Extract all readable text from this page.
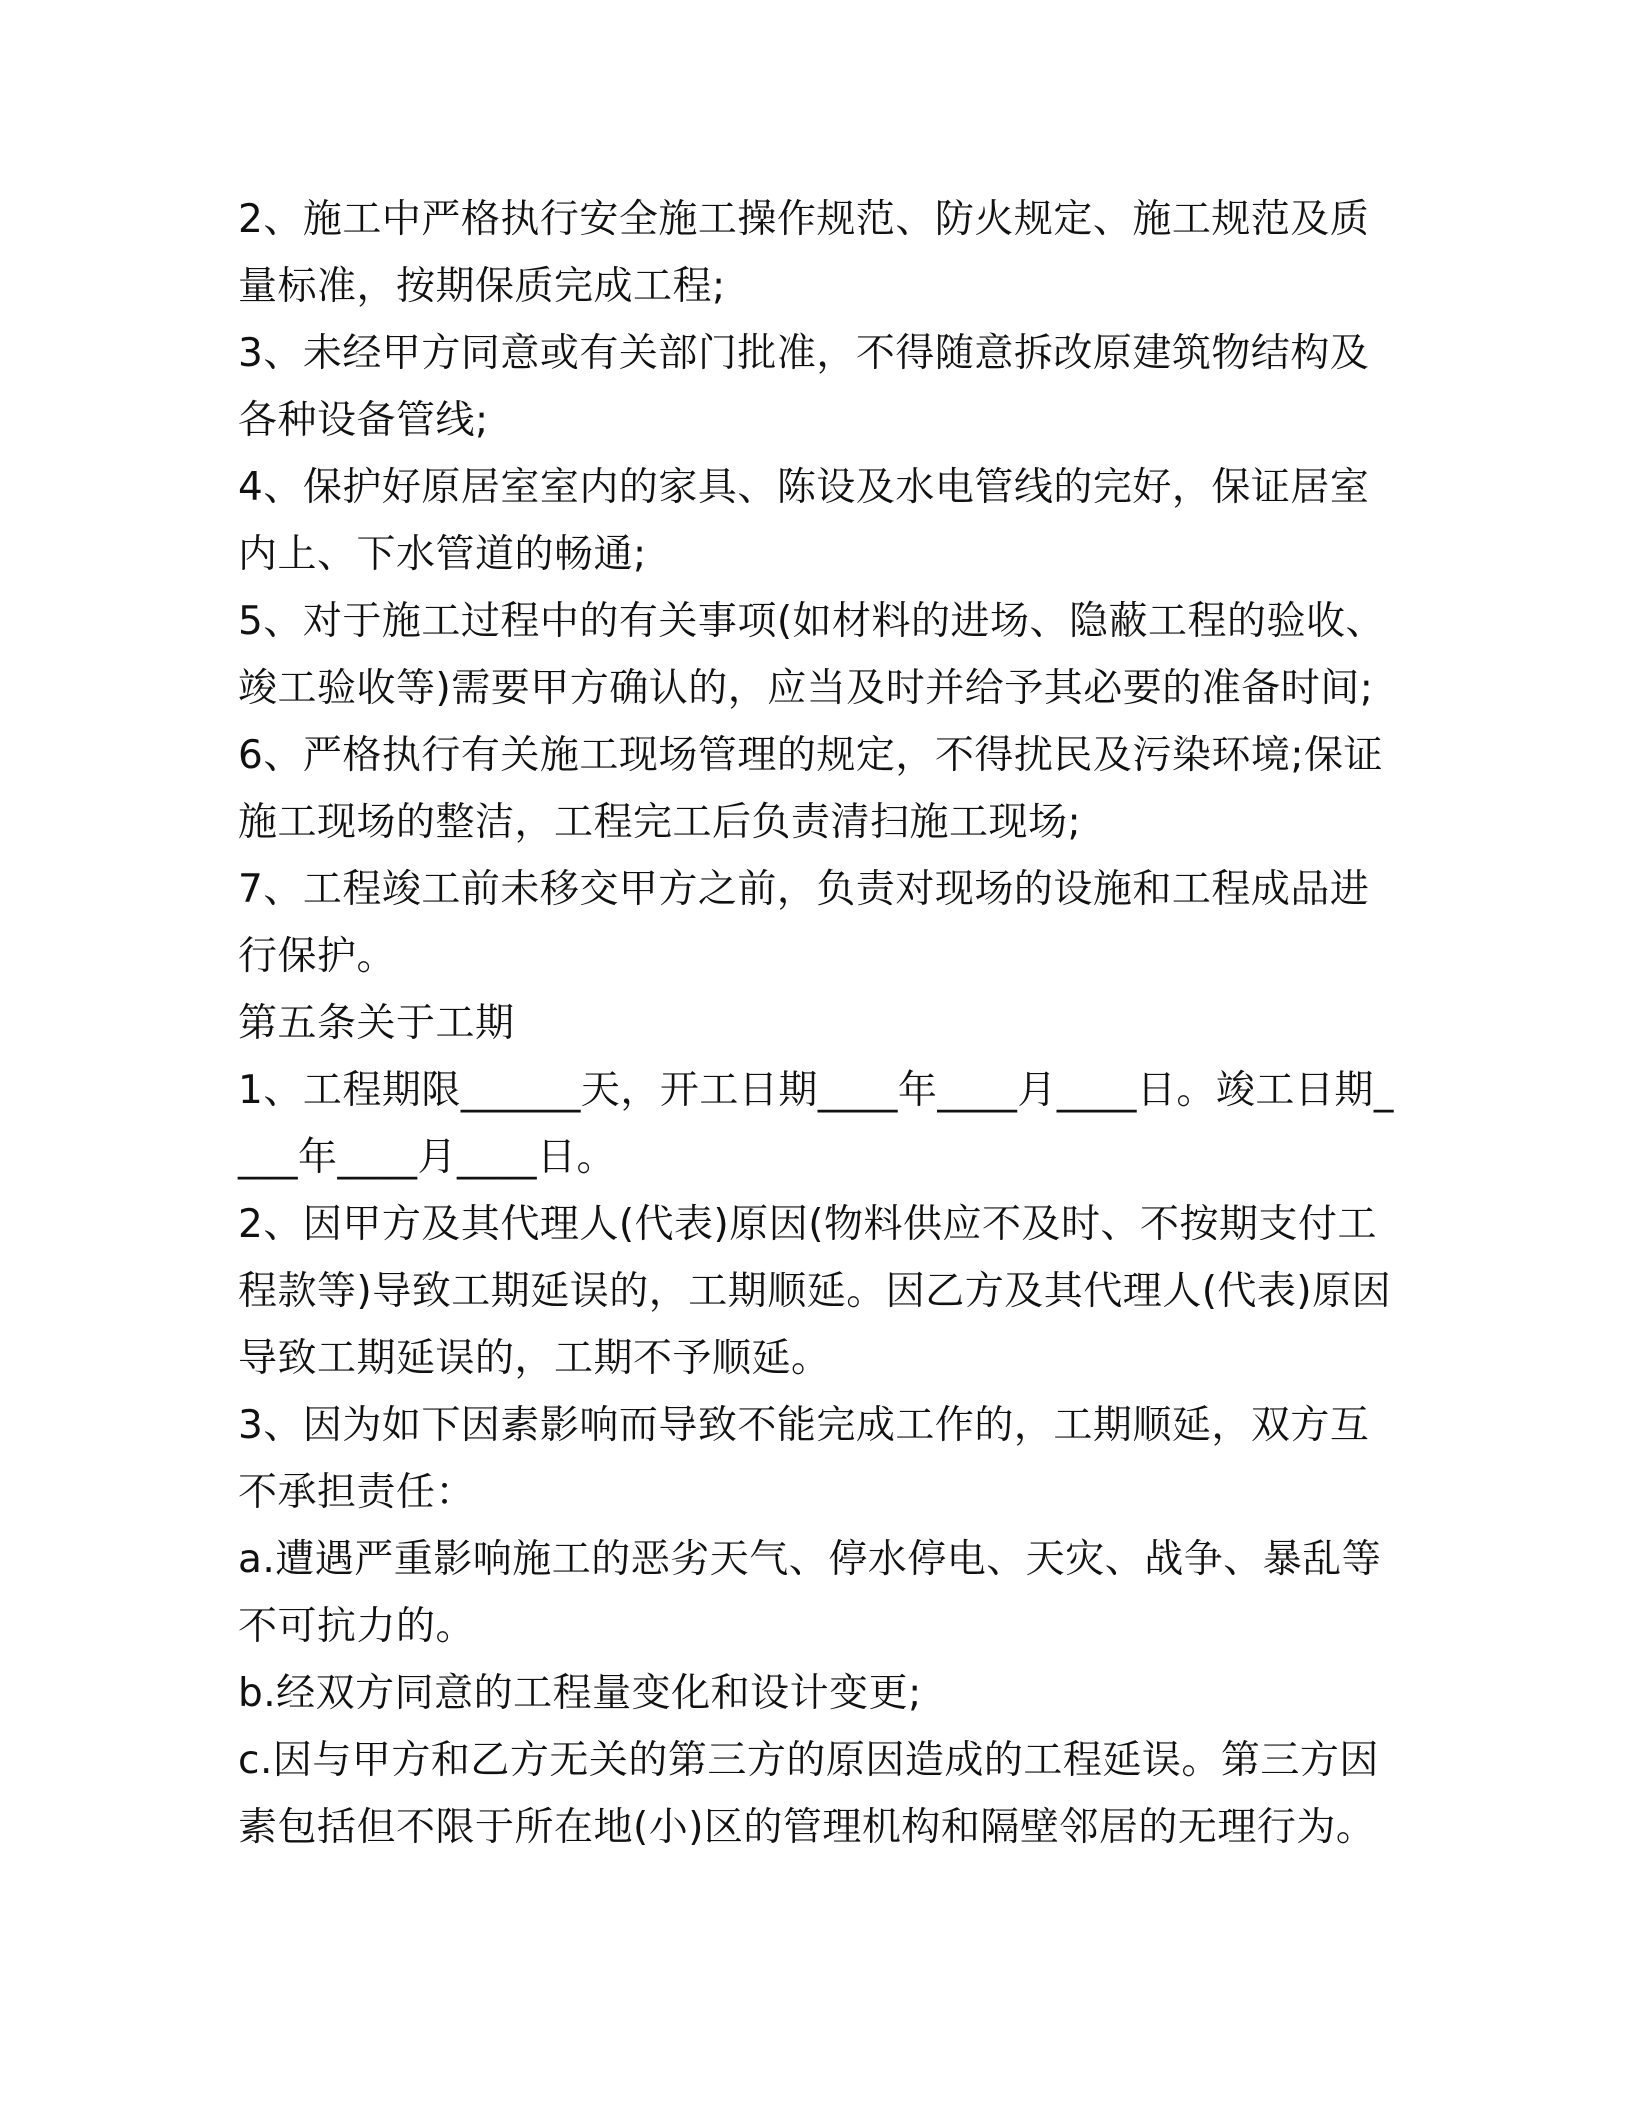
2、施工中严格执行安全施工操作规范、防火规定、施工规范及质量标准，按期保质完成工程;

3、未经甲方同意或有关部门批准，不得随意拆改原建筑物结构及各种设备管线;

4、保护好原居室室内的家具、陈设及水电管线的完好，保证居室内上、下水管道的畅通;

5、对于施工过程中的有关事项(如材料的进场、隐蔽工程的验收、竣工验收等)需要甲方确认的，应当及时并给予其必要的准备时间;

6、严格执行有关施工现场管理的规定，不得扰民及污染环境;保证施工现场的整洁，工程完工后负责清扫施工现场;

7、工程竣工前未移交甲方之前，负责对现场的设施和工程成品进行保护。

第五条关于工期

1、工程期限______天，开工日期____年____月____日。竣工日期____年____月____日。

2、因甲方及其代理人(代表)原因(物料供应不及时、不按期支付工程款等)导致工期延误的，工期顺延。因乙方及其代理人(代表)原因导致工期延误的，工期不予顺延。

3、因为如下因素影响而导致不能完成工作的，工期顺延，双方互不承担责任：

a.遭遇严重影响施工的恶劣天气、停水停电、天灾、战争、暴乱等不可抗力的。

b.经双方同意的工程量变化和设计变更;

c.因与甲方和乙方无关的第三方的原因造成的工程延误。第三方因素包括但不限于所在地(小)区的管理机构和隔壁邻居的无理行为。
